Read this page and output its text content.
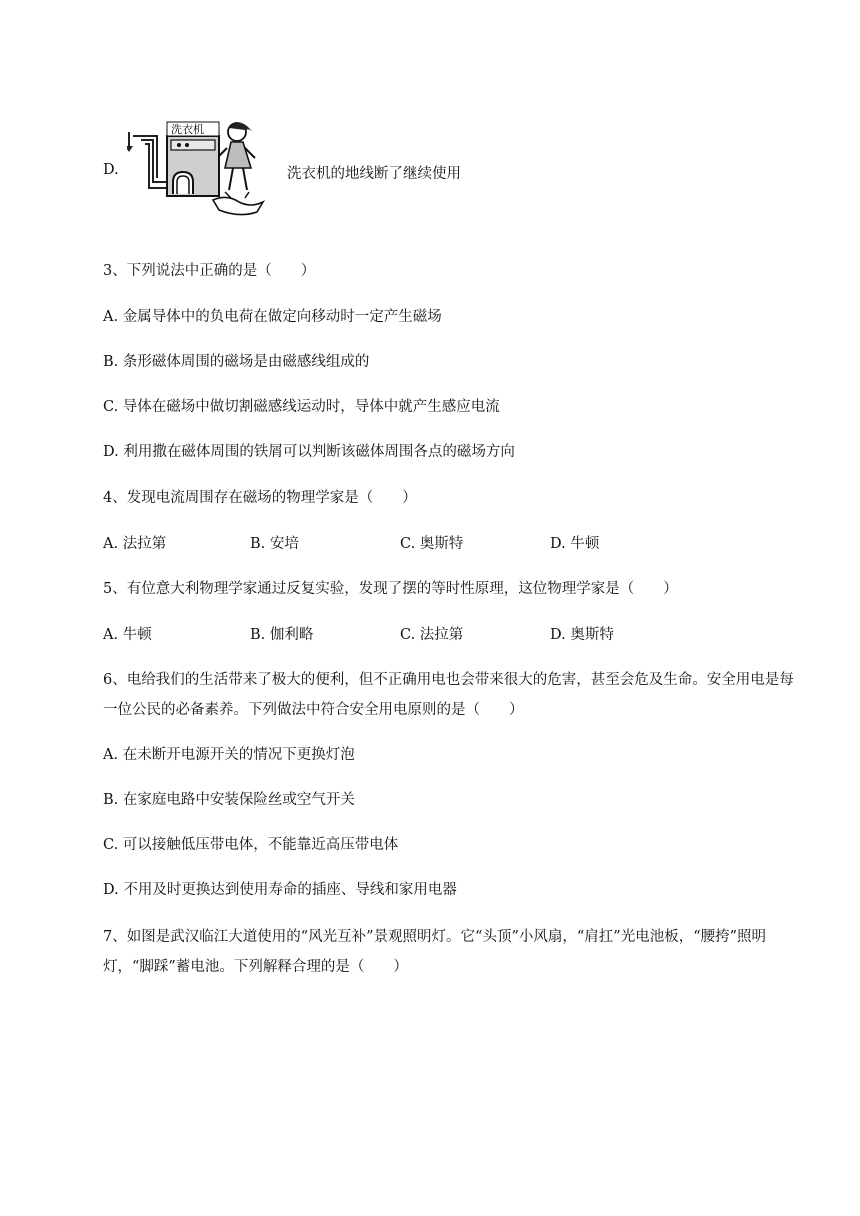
D.
洗衣机
洗衣机的地线断了继续使用
3、下列说法中正确的是（　　）
A. 金属导体中的负电荷在做定向移动时一定产生磁场
B. 条形磁体周围的磁场是由磁感线组成的
C. 导体在磁场中做切割磁感线运动时，导体中就产生感应电流
D. 利用撒在磁体周围的铁屑可以判断该磁体周围各点的磁场方向
4、发现电流周围存在磁场的物理学家是（　　）
A. 法拉第	B. 安培	C. 奥斯特	D. 牛顿
5、有位意大利物理学家通过反复实验，发现了摆的等时性原理，这位物理学家是（　　）
A. 牛顿	B. 伽利略	C. 法拉第	D. 奥斯特
6、电给我们的生活带来了极大的便利，但不正确用电也会带来很大的危害，甚至会危及生命。安全用电是每一位公民的必备素养。下列做法中符合安全用电原则的是（　　）
A. 在未断开电源开关的情况下更换灯泡
B. 在家庭电路中安装保险丝或空气开关
C. 可以接触低压带电体，不能靠近高压带电体
D. 不用及时更换达到使用寿命的插座、导线和家用电器
7、如图是武汉临江大道使用的“风光互补”景观照明灯。它“头顶”小风扇，“肩扛”光电池板，“腰挎”照明灯，“脚踩”蓄电池。下列解释合理的是（　　）
